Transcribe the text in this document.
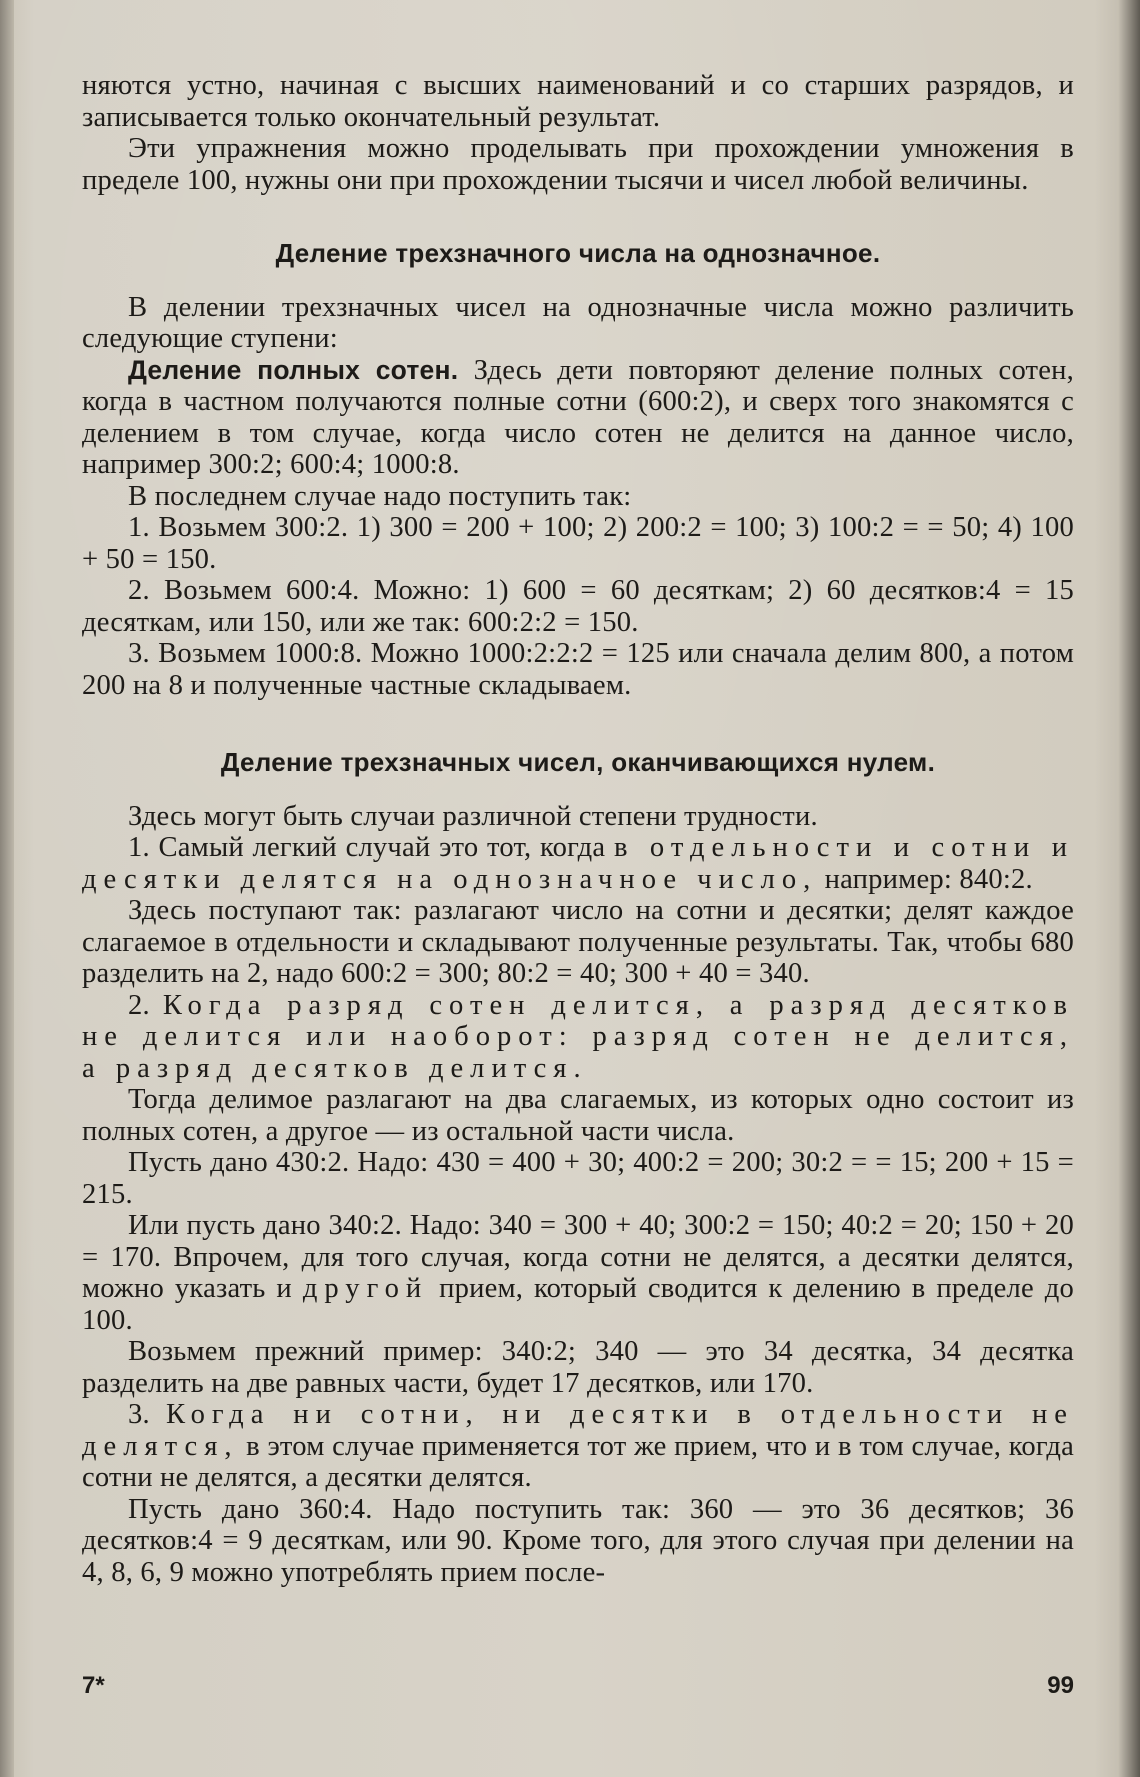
няются устно, начиная с высших наименований и со старших разрядов, и записывается только окончательный результат.

Эти упражнения можно проделывать при прохождении умножения в пределе 100, нужны они при прохождении тысячи и чисел любой величины.

Деление трехзначного числа на однозначное.

В делении трехзначных чисел на однозначные числа можно различить следующие ступени:

Деление полных сотен. Здесь дети повторяют деление полных сотен, когда в частном получаются полные сотни (600:2), и сверх того знакомятся с делением в том случае, когда число сотен не делится на данное число, например 300:2; 600:4; 1000:8.

В последнем случае надо поступить так:

1. Возьмем 300:2. 1) 300 = 200 + 100; 2) 200:2 = 100; 3) 100:2 = = 50; 4) 100 + 50 = 150.

2. Возьмем 600:4. Можно: 1) 600 = 60 десяткам; 2) 60 десятков:4 = 15 десяткам, или 150, или же так: 600:2:2 = 150.

3. Возьмем 1000:8. Можно 1000:2:2:2 = 125 или сначала делим 800, а потом 200 на 8 и полученные частные складываем.

Деление трехзначных чисел, оканчивающихся нулем.

Здесь могут быть случаи различной степени трудности.

1. Самый легкий случай это тот, когда в отдельности и сотни и десятки делятся на однозначное число, например: 840:2.

Здесь поступают так: разлагают число на сотни и десятки; делят каждое слагаемое в отдельности и складывают полученные результаты. Так, чтобы 680 разделить на 2, надо 600:2 = 300; 80:2 = 40; 300 + 40 = 340.

2. Когда разряд сотен делится, а разряд десятков не делится или наоборот: разряд сотен не делится, а разряд десятков делится.

Тогда делимое разлагают на два слагаемых, из которых одно состоит из полных сотен, а другое — из остальной части числа.

Пусть дано 430:2. Надо: 430 = 400 + 30; 400:2 = 200; 30:2 = = 15; 200 + 15 = 215.

Или пусть дано 340:2. Надо: 340 = 300 + 40; 300:2 = 150; 40:2 = 20; 150 + 20 = 170. Впрочем, для того случая, когда сотни не делятся, а десятки делятся, можно указать и другой прием, который сводится к делению в пределе до 100.

Возьмем прежний пример: 340:2; 340 — это 34 десятка, 34 десятка разделить на две равных части, будет 17 десятков, или 170.

3. Когда ни сотни, ни десятки в отдельности не делятся, в этом случае применяется тот же прием, что и в том случае, когда сотни не делятся, а десятки делятся.

Пусть дано 360:4. Надо поступить так: 360 — это 36 десятков; 36 десятков:4 = 9 десяткам, или 90. Кроме того, для этого случая при делении на 4, 8, 6, 9 можно употреблять прием после-

7*	99
